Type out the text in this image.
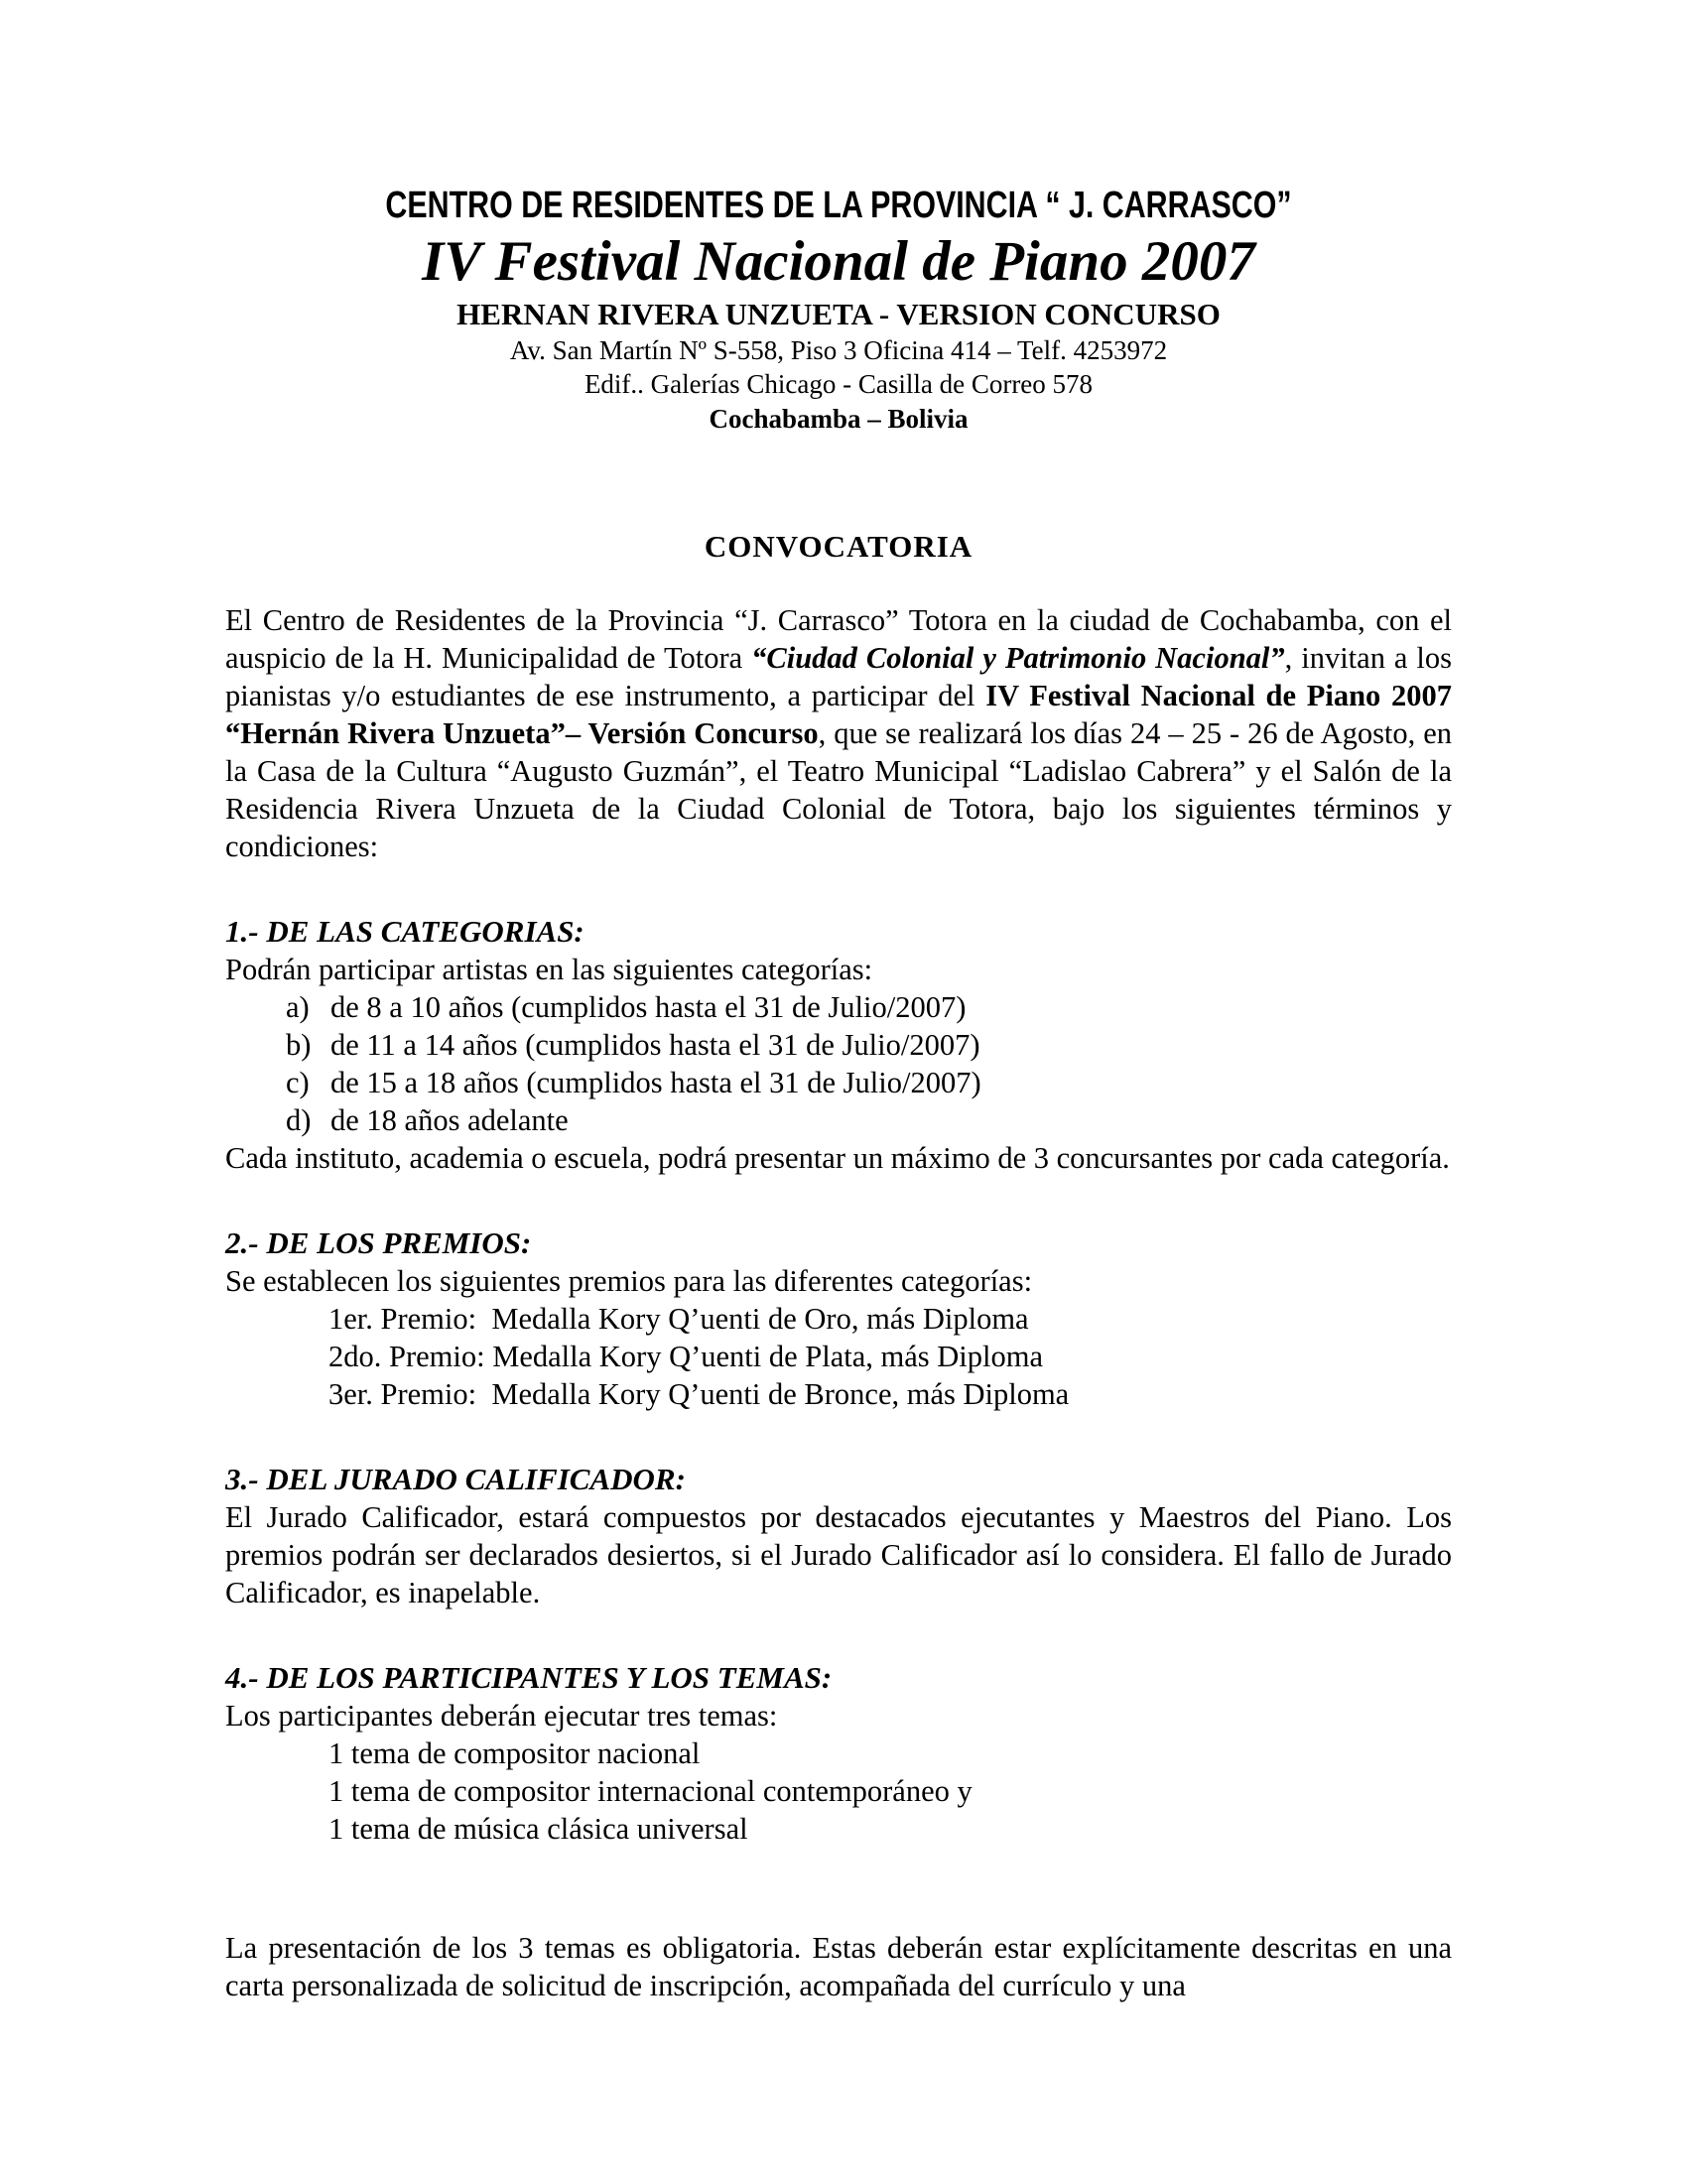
CENTRO DE RESIDENTES DE LA PROVINCIA “ J. CARRASCO”
IV Festival Nacional de Piano 2007
HERNAN RIVERA UNZUETA - VERSION CONCURSO
Av. San Martín Nº S-558, Piso 3 Oficina 414 – Telf. 4253972
Edif.. Galerías Chicago - Casilla de Correo 578
Cochabamba – Bolivia
CONVOCATORIA

El Centro de Residentes de la Provincia “J. Carrasco” Totora en la ciudad de Cochabamba, con el auspicio de la H. Municipalidad de Totora “Ciudad Colonial y Patrimonio Nacional”, invitan a los pianistas y/o estudiantes de ese instrumento, a participar del IV Festival Nacional de Piano 2007  “Hernán Rivera Unzueta”– Versión Concurso, que se realizará los días 24 – 25 - 26 de Agosto, en la Casa de la Cultura “Augusto Guzmán”, el Teatro Municipal “Ladislao Cabrera” y el Salón de la Residencia Rivera Unzueta de la Ciudad Colonial de Totora, bajo los siguientes términos y condiciones:

1.- DE LAS CATEGORIAS:
Podrán participar artistas en las siguientes categorías:
a) de 8 a 10 años (cumplidos hasta el 31 de Julio/2007)
b) de 11 a 14 años (cumplidos hasta el 31 de Julio/2007)
c) de 15 a 18 años (cumplidos hasta el 31 de Julio/2007)
d) de 18 años adelante
Cada instituto, academia o escuela, podrá presentar un máximo de 3 concursantes por cada categoría.
2.- DE LOS PREMIOS:
Se establecen los siguientes premios para las diferentes categorías:
1er. Premio:  Medalla Kory Q’uenti de Oro, más Diploma
2do. Premio: Medalla Kory Q’uenti de Plata, más Diploma
3er. Premio:  Medalla Kory Q’uenti de Bronce, más Diploma
3.- DEL JURADO CALIFICADOR:
El Jurado Calificador, estará compuestos por destacados ejecutantes y Maestros del Piano. Los premios podrán ser declarados desiertos, si el Jurado Calificador así lo considera. El fallo de Jurado Calificador, es inapelable.
4.- DE LOS PARTICIPANTES Y LOS TEMAS:
Los participantes deberán ejecutar tres temas:
1 tema de compositor nacional
1 tema de compositor internacional contemporáneo y
1 tema de música clásica universal

La presentación de los 3 temas es obligatoria. Estas deberán estar explícitamente descritas en una carta personalizada de solicitud de inscripción, acompañada del currículo y una
